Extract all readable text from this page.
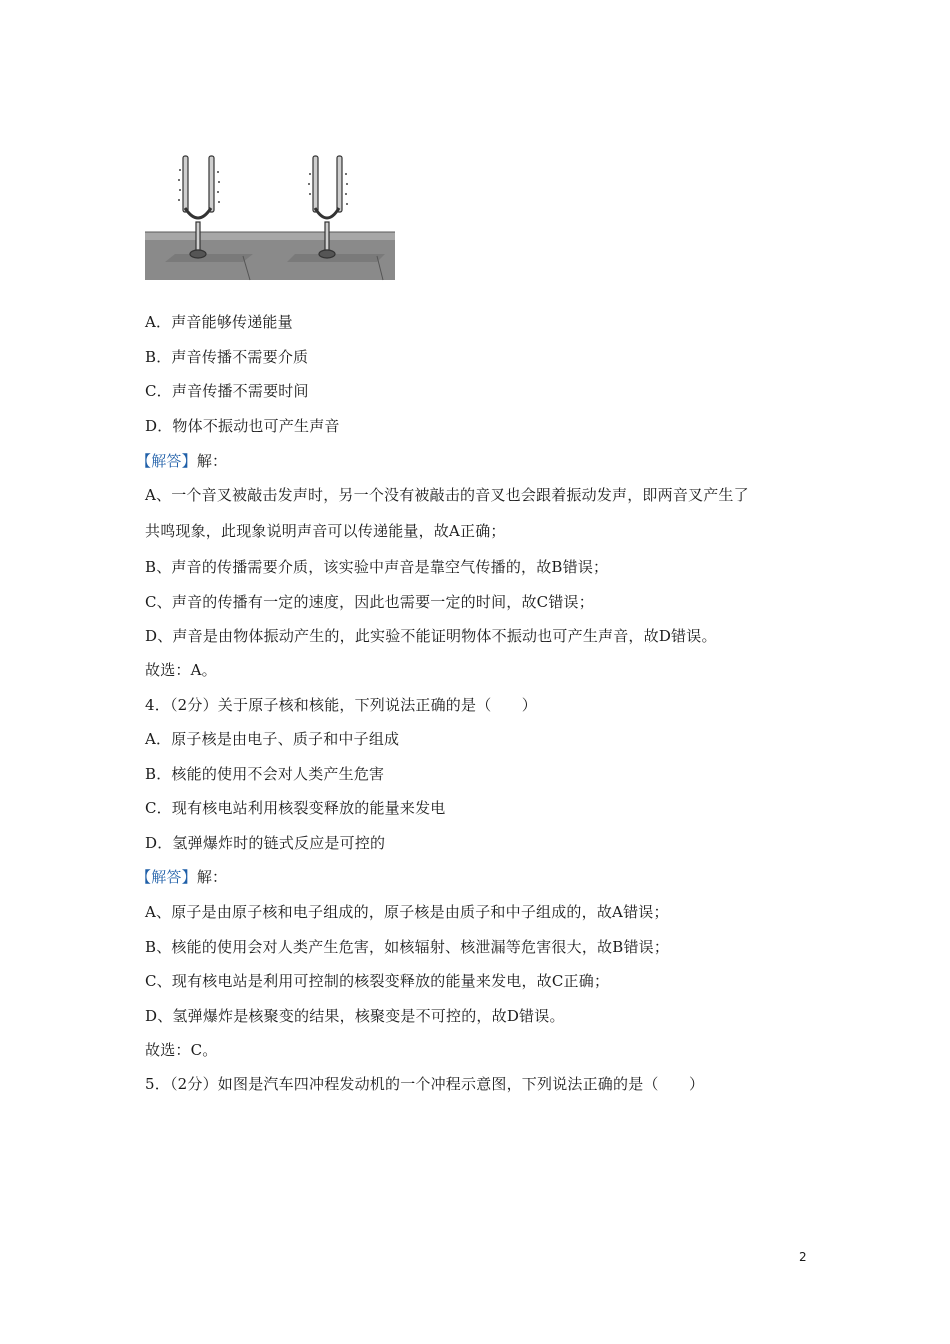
A．声音能够传递能量
B．声音传播不需要介质
C．声音传播不需要时间
D．物体不振动也可产生声音
【解答】解：
A、一个音叉被敲击发声时，另一个没有被敲击的音叉也会跟着振动发声，即两音叉产生了
共鸣现象，此现象说明声音可以传递能量，故A正确；
B、声音的传播需要介质，该实验中声音是靠空气传播的，故B错误；
C、声音的传播有一定的速度，因此也需要一定的时间，故C错误；
D、声音是由物体振动产生的，此实验不能证明物体不振动也可产生声音，故D错误。
故选：A。
4．（2分）关于原子核和核能，下列说法正确的是（　　）
A．原子核是由电子、质子和中子组成
B．核能的使用不会对人类产生危害
C．现有核电站利用核裂变释放的能量来发电
D．氢弹爆炸时的链式反应是可控的
【解答】解：
A、原子是由原子核和电子组成的，原子核是由质子和中子组成的，故A错误；
B、核能的使用会对人类产生危害，如核辐射、核泄漏等危害很大，故B错误；
C、现有核电站是利用可控制的核裂变释放的能量来发电，故C正确；
D、氢弹爆炸是核聚变的结果，核聚变是不可控的，故D错误。
故选：C。
5．（2分）如图是汽车四冲程发动机的一个冲程示意图，下列说法正确的是（　　）
2
